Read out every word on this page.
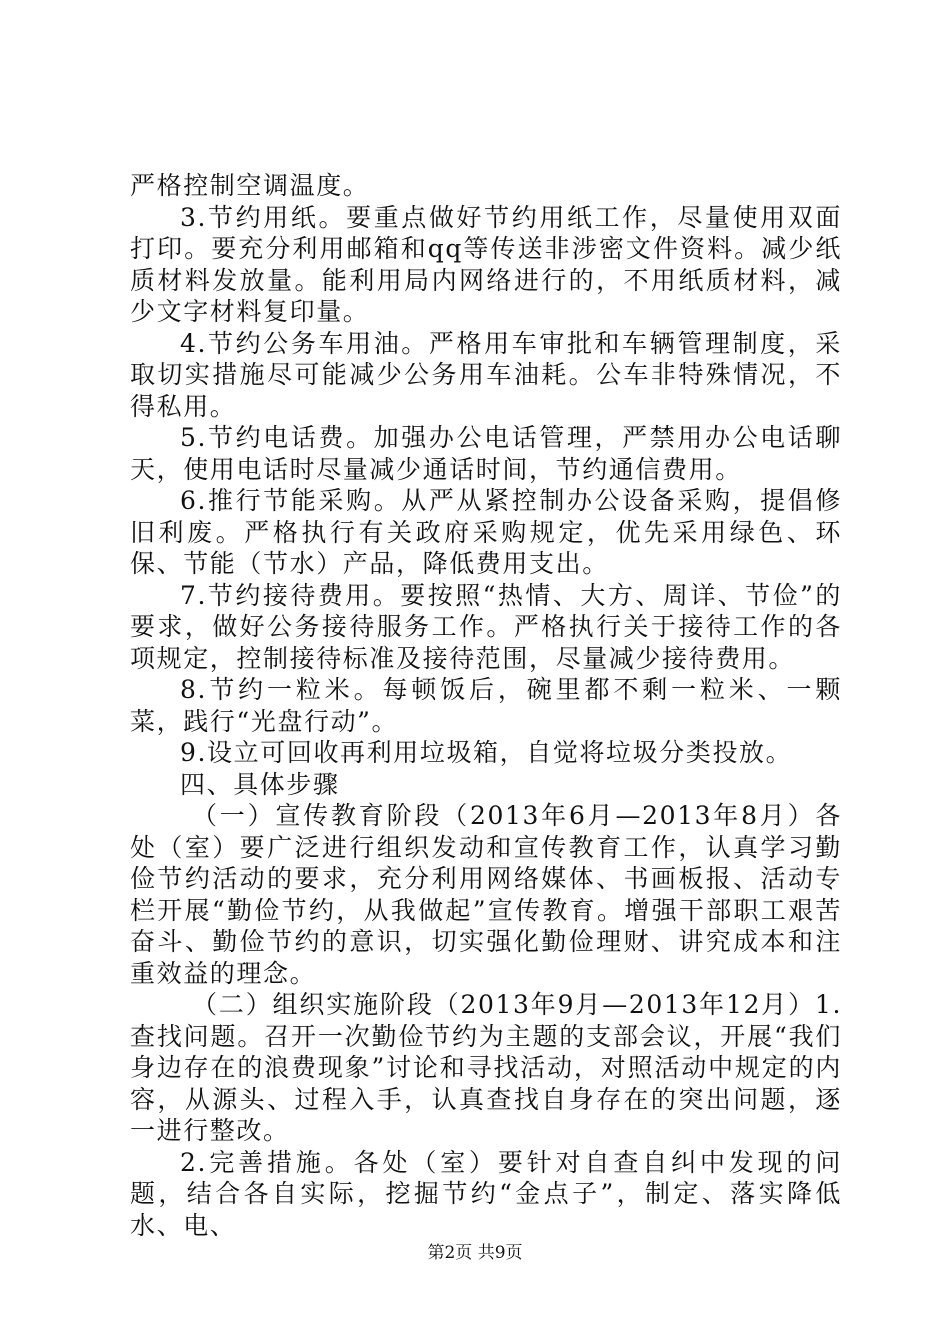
严格控制空调温度。

3.节约用纸。要重点做好节约用纸工作，尽量使用双面打印。要充分利用邮箱和qq等传送非涉密文件资料。减少纸质材料发放量。能利用局内网络进行的，不用纸质材料，减少文字材料复印量。

4.节约公务车用油。严格用车审批和车辆管理制度，采取切实措施尽可能减少公务用车油耗。公车非特殊情况，不得私用。

5.节约电话费。加强办公电话管理，严禁用办公电话聊天，使用电话时尽量减少通话时间，节约通信费用。

6.推行节能采购。从严从紧控制办公设备采购，提倡修旧利废。严格执行有关政府采购规定，优先采用绿色、环保、节能（节水）产品，降低费用支出。

7.节约接待费用。要按照“热情、大方、周详、节俭”的要求，做好公务接待服务工作。严格执行关于接待工作的各项规定，控制接待标准及接待范围，尽量减少接待费用。

8.节约一粒米。每顿饭后，碗里都不剩一粒米、一颗菜，践行“光盘行动”。

9.设立可回收再利用垃圾箱，自觉将垃圾分类投放。

四、具体步骤

（一）宣传教育阶段（2013年6月—2013年8月）各处（室）要广泛进行组织发动和宣传教育工作，认真学习勤俭节约活动的要求，充分利用网络媒体、书画板报、活动专栏开展“勤俭节约，从我做起”宣传教育。增强干部职工艰苦奋斗、勤俭节约的意识，切实强化勤俭理财、讲究成本和注重效益的理念。

（二）组织实施阶段（2013年9月—2013年12月）1.查找问题。召开一次勤俭节约为主题的支部会议，开展“我们身边存在的浪费现象”讨论和寻找活动，对照活动中规定的内容，从源头、过程入手，认真查找自身存在的突出问题，逐一进行整改。

2.完善措施。各处（室）要针对自查自纠中发现的问题，结合各自实际，挖掘节约“金点子”，制定、落实降低水、电、

第2页 共9页
